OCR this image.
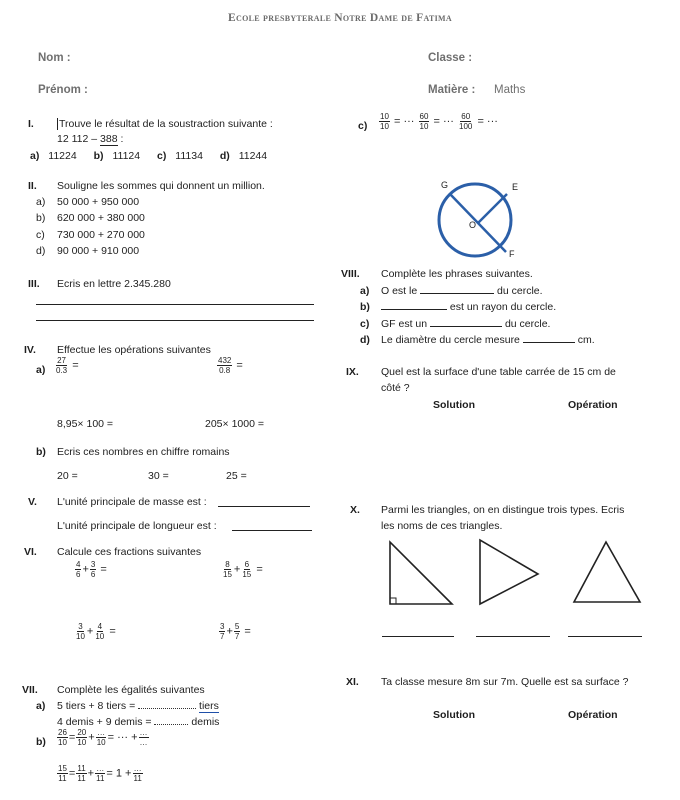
Ecole presbyterale Notre Dame de Fatima
Nom :
Prénom :
Classe :
Matière : Maths
I. Trouve le résultat de la soustraction suivante :
12 112 – 388 :
a) 11224 b) 11124 c) 11134 d) 11244
II. Souligne les sommes qui donnent un million.
a) 50 000 + 950 000
b) 620 000 + 380 000
c) 730 000 + 270 000
d) 90 000 + 910 000
III. Ecris en lettre 2.345.280
IV. Effectue les opérations suivantes
$a) \frac{27}{0.3}$ =	$\frac{432}{0.8}$ =
8,95× 100 =	205× 1000 =
b) Ecris ces nombres en chiffre romains
20 =	30 =	25 =
V. L'unité principale de masse est :
L'unité principale de longueur est :
VI. Calcule ces fractions suivantes
$\frac{4}{6} + \frac{3}{6}$ =	$\frac{8}{15} + \frac{6}{15}$ =
$\frac{3}{10} + \frac{4}{10}$ =	$\frac{3}{7} + \frac{5}{7}$ =
VII. Complète les égalités suivantes
a) 5 tiers + 8 tiers =	tiers
4 demis + 9 demis =	demis
$b) \frac{26}{10} = \frac{20}{10} + \frac{\dots}{10}$ = ··· + $\frac{\dots}{\dots}$
$\frac{15}{11} = \frac{11}{11} + \frac{\dots}{11} = 1 + \frac{\dots}{11}$
$c) \frac{10}{10}$ = ··· $\frac{60}{10}$ = ··· $\frac{60}{100}$ = ···
G	E
O
F
VIII. Complète les phrases suivantes.
a) O est le	du cercle.
b)	est un rayon du cercle.
c) GF est un	du cercle.
d) Le diamètre du cercle mesure	cm.
IX. Quel est la surface d'une table carrée de 15 cm de
côté ?
Solution	Opération
X. Parmi les triangles, on en distingue trois types. Ecris
les noms de ces triangles.
XI. Ta classe mesure 8m sur 7m. Quelle est sa surface ?
Solution	Opération
